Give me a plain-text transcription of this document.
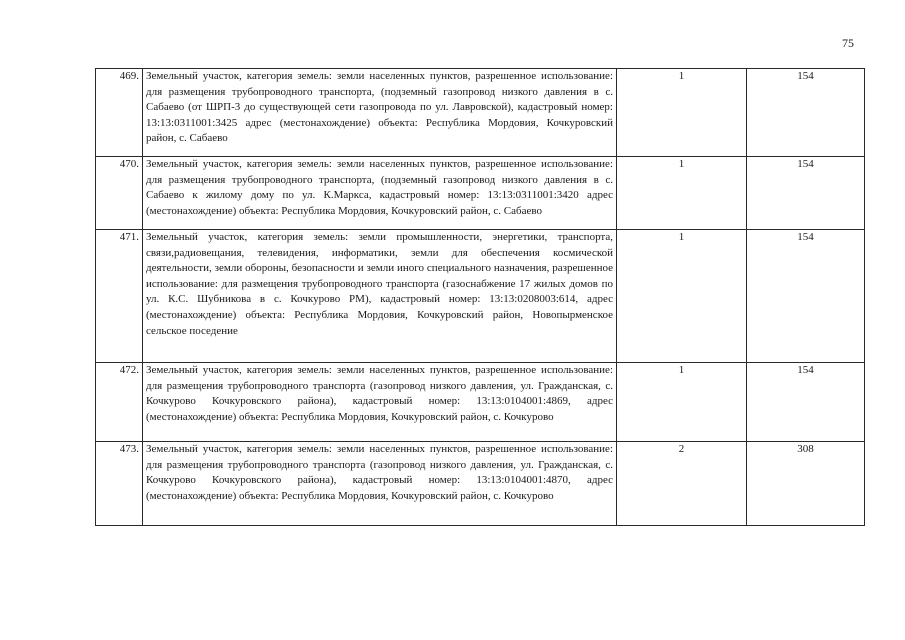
75
469.	Земельный участок, категория земель: земли населенных пунктов, разрешенное использование: для размещения трубопроводного транспорта, (подземный газопровод низкого давления в с. Сабаево (от ШРП-3 до существующей сети газопровода по ул. Лавровской), кадастровый номер: 13:13:0311001:3425 адрес (местонахождение) объекта: Республика Мордовия, Кочкуровский район, с. Сабаево	1	154
470.	Земельный участок, категория земель: земли населенных пунктов, разрешенное использование: для размещения трубопроводного транспорта, (подземный газопровод низкого давления в с. Сабаево к жилому дому по ул. К.Маркса, кадастровый номер: 13:13:0311001:3420 адрес (местонахождение) объекта: Республика Мордовия, Кочкуровский район, с. Сабаево	1	154
471.	Земельный участок, категория земель: земли промышленности, энергетики, транспорта, связи,радиовещания, телевидения, информатики, земли для обеспечения космической деятельности, земли обороны, безопасности и земли иного специального назначения, разрешенное использование: для размещения трубопроводного транспорта (газоснабжение 17 жилых домов по ул. К.С. Шубникова в с. Кочкурово РМ), кадастровый номер: 13:13:0208003:614, адрес (местонахождение) объекта: Республика Мордовия, Кочкуровский район, Новопырменское сельское поседение	1	154
472.	Земельный участок, категория земель: земли населенных пунктов, разрешенное использование: для размещения трубопроводного транспорта (газопровод низкого давления, ул. Гражданская, с. Кочкурово Кочкуровского района), кадастровый номер: 13:13:0104001:4869, адрес (местонахождение) объекта: Республика Мордовия, Кочкуровский район, с. Кочкурово	1	154
473.	Земельный участок, категория земель: земли населенных пунктов, разрешенное использование: для размещения трубопроводного транспорта (газопровод низкого давления, ул. Гражданская, с. Кочкурово Кочкуровского района), кадастровый номер: 13:13:0104001:4870, адрес (местонахождение) объекта: Республика Мордовия, Кочкуровский район, с. Кочкурово	2	308
